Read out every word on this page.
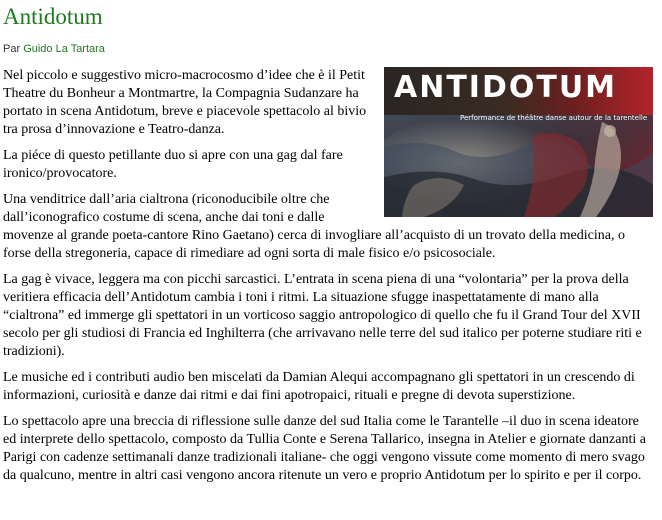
Antidotum
Par Guido La Tartara
ANTIDOTUM
Performance de théâtre danse autour de la tarentelle

Nel piccolo e suggestivo micro-macrocosmo d’idee che è il Petit Theatre du Bonheur a Montmartre, la Compagnia Sudanzare ha portato in scena Antidotum, breve e piacevole spettacolo al bivio tra prosa d’innovazione e Teatro-danza.

La piéce di questo petillante duo si apre con una gag dal fare ironico/provocatore.

Una venditrice dall’aria cialtrona (riconoducibile oltre che dall’iconografico costume di scena, anche dai toni e dalle movenze al grande poeta-cantore Rino Gaetano) cerca di invogliare all’acquisto di un trovato della medicina, o forse della stregoneria, capace di rimediare ad ogni sorta di male fisico e/o psicosociale.

La gag è vivace, leggera ma con picchi sarcastici. L’entrata in scena piena di una “volontaria” per la prova della veritiera efficacia dell’Antidotum cambia i toni i ritmi. La situazione sfugge inaspettatamente di mano alla “cialtrona” ed immerge gli spettatori in un vorticoso saggio antropologico di quello che fu il Grand Tour del XVII secolo per gli studiosi di Francia ed Inghilterra (che arrivavano nelle terre del sud italico per poterne studiare riti e tradizioni).

Le musiche ed i contributi audio ben miscelati da Damian Alequi accompagnano gli spettatori in un crescendo di informazioni, curiosità e danze dai ritmi e dai fini apotropaici, rituali e pregne di devota superstizione.

Lo spettacolo apre una breccia di riflessione sulle danze del sud Italia come le Tarantelle –il duo in scena ideatore ed interprete dello spettacolo, composto da Tullia Conte e Serena Tallarico, insegna in Atelier e giornate danzanti a Parigi con cadenze settimanali danze tradizionali italiane- che oggi vengono vissute come momento di mero svago da qualcuno, mentre in altri casi vengono ancora ritenute un vero e proprio Antidotum per lo spirito e per il corpo.
